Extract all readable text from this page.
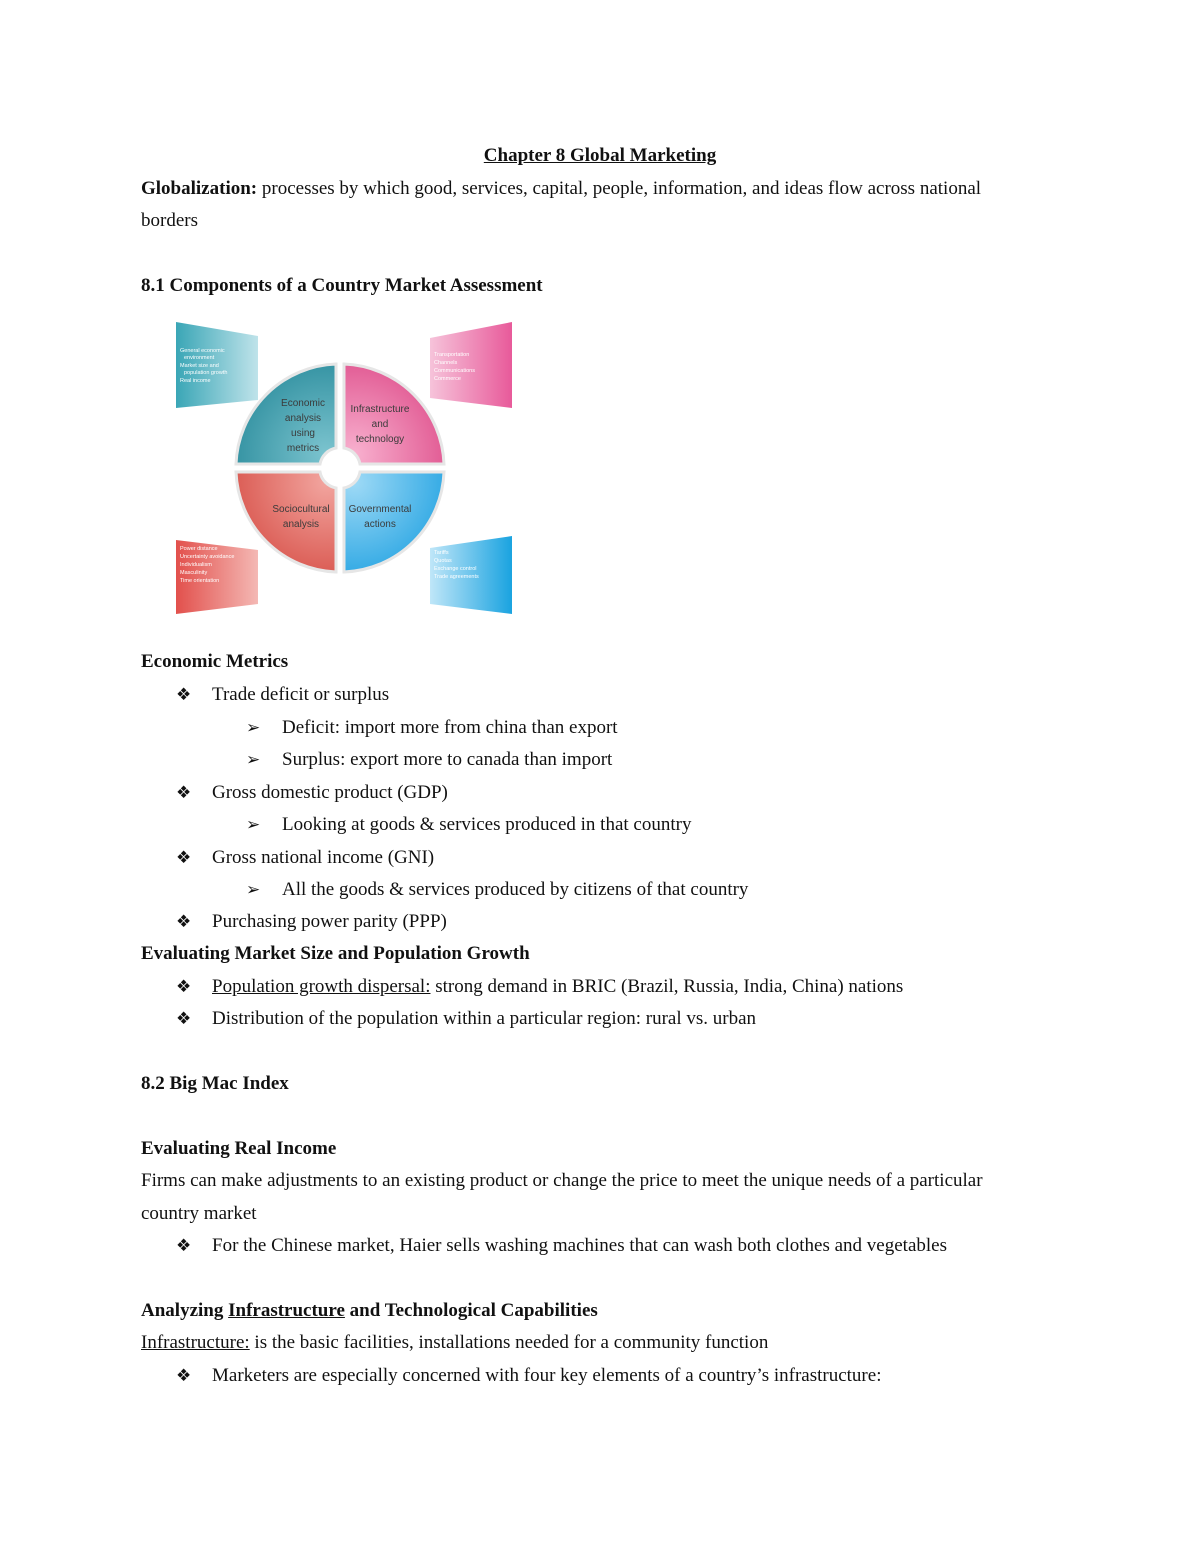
Chapter 8 Global Marketing
Globalization: processes by which good, services, capital, people, information, and ideas flow across national
borders
8.1 Components of a Country Market Assessment
General economic
environment
Market size and
population growth
Real income
Transportation
Channels
Communications
Commerce
Power distance
Uncertainty avoidance
Individualism
Masculinity
Time orientation
Tariffs
Quotas
Exchange control
Trade agreements
Economic
analysis
using
metrics
Infrastructure
and
technology
Sociocultural
analysis
Governmental
actions
Economic Metrics
❖ Trade deficit or surplus
➢ Deficit: import more from china than export
➢ Surplus: export more to canada than import
❖ Gross domestic product (GDP)
➢ Looking at goods & services produced in that country
❖ Gross national income (GNI)
➢ All the goods & services produced by citizens of that country
❖ Purchasing power parity (PPP)
Evaluating Market Size and Population Growth
❖ Population growth dispersal: strong demand in BRIC (Brazil, Russia, India, China) nations
❖ Distribution of the population within a particular region: rural vs. urban
8.2 Big Mac Index
Evaluating Real Income
Firms can make adjustments to an existing product or change the price to meet the unique needs of a particular
country market
❖ For the Chinese market, Haier sells washing machines that can wash both clothes and vegetables
Analyzing Infrastructure and Technological Capabilities
Infrastructure: is the basic facilities, installations needed for a community function
❖ Marketers are especially concerned with four key elements of a country’s infrastructure:
